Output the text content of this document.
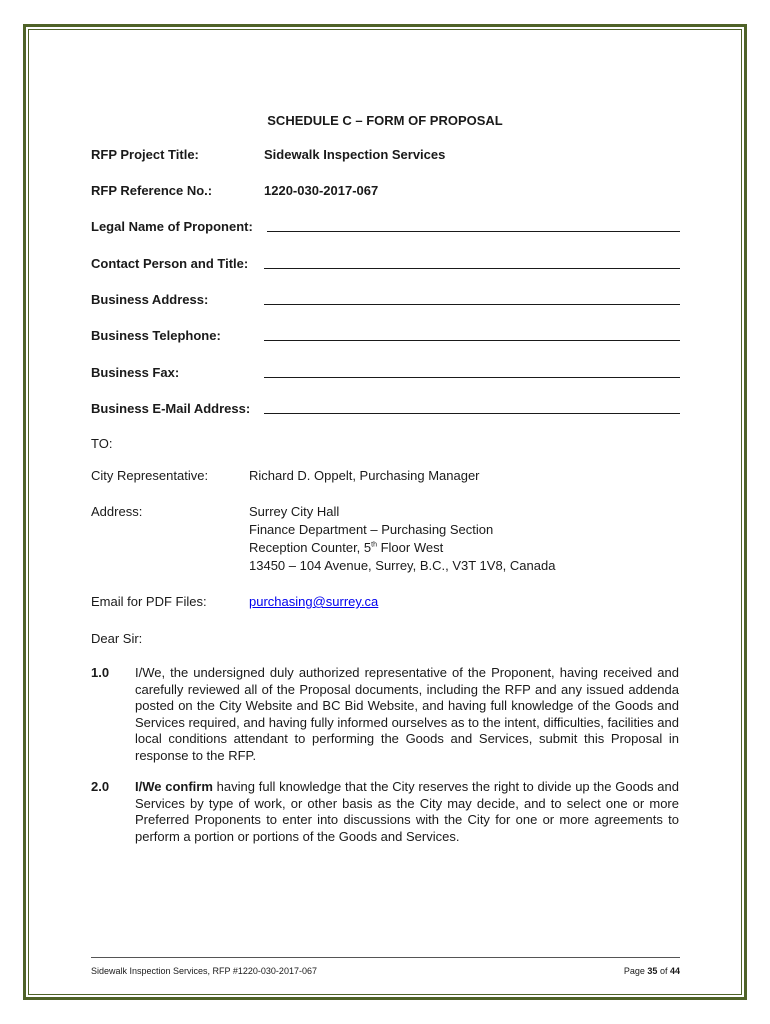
SCHEDULE C – FORM OF PROPOSAL
RFP Project Title:	Sidewalk Inspection Services
RFP Reference No.:	1220-030-2017-067
Legal Name of Proponent:
Contact Person and Title:
Business Address:
Business Telephone:
Business Fax:
Business E-Mail Address:
TO:
City Representative:	Richard D. Oppelt, Purchasing Manager
Address:	Surrey City Hall
Finance Department – Purchasing Section
Reception Counter, 5th Floor West
13450 – 104 Avenue, Surrey, B.C., V3T 1V8, Canada
Email for PDF Files:	purchasing@surrey.ca
Dear Sir:
1.0 I/We, the undersigned duly authorized representative of the Proponent, having received and carefully reviewed all of the Proposal documents, including the RFP and any issued addenda posted on the City Website and BC Bid Website, and having full knowledge of the Goods and Services required, and having fully informed ourselves as to the intent, difficulties, facilities and local conditions attendant to performing the Goods and Services, submit this Proposal in response to the RFP.
2.0 I/We confirm having full knowledge that the City reserves the right to divide up the Goods and Services by type of work, or other basis as the City may decide, and to select one or more Preferred Proponents to enter into discussions with the City for one or more agreements to perform a portion or portions of the Goods and Services.
Sidewalk Inspection Services, RFP #1220-030-2017-067	Page 35 of 44
